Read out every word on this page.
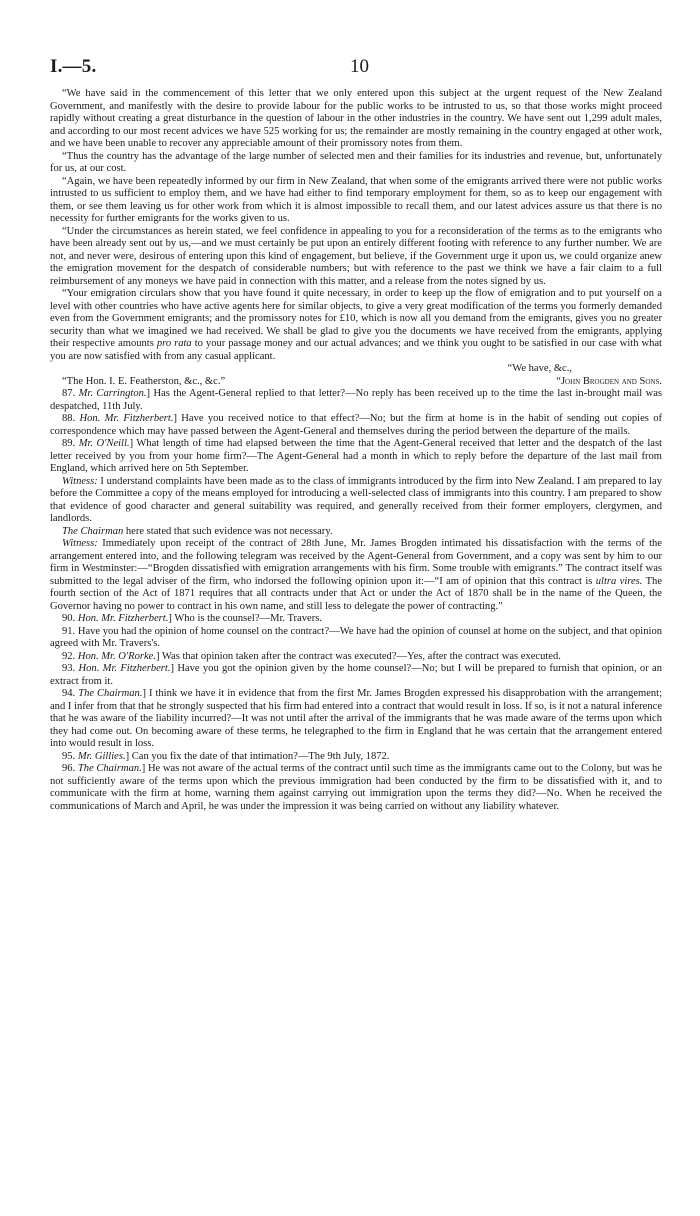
I.—5.	10

“We have said in the commencement of this letter that we only entered upon this subject at the urgent request of the New Zealand Government, and manifestly with the desire to provide labour for the public works to be intrusted to us, so that those works might proceed rapidly without creating a great disturbance in the question of labour in the other industries in the country. We have sent out 1,299 adult males, and according to our most recent advices we have 525 working for us; the remainder are mostly remaining in the country engaged at other work, and we have been unable to recover any appreciable amount of their promissory notes from them.

“Thus the country has the advantage of the large number of selected men and their families for its industries and revenue, but, unfortunately for us, at our cost.

“Again, we have been repeatedly informed by our firm in New Zealand, that when some of the emigrants arrived there were not public works intrusted to us sufficient to employ them, and we have had either to find temporary employment for them, so as to keep our engagement with them, or see them leaving us for other work from which it is almost impossible to recall them, and our latest advices assure us that there is no necessity for further emigrants for the works given to us.

“Under the circumstances as herein stated, we feel confidence in appealing to you for a reconsideration of the terms as to the emigrants who have been already sent out by us,—and we must certainly be put upon an entirely different footing with reference to any further number. We are not, and never were, desirous of entering upon this kind of engagement, but believe, if the Government urge it upon us, we could organize anew the emigration movement for the despatch of considerable numbers; but with reference to the past we think we have a fair claim to a full reimbursement of any moneys we have paid in connection with this matter, and a release from the notes signed by us.

“Your emigration circulars show that you have found it quite necessary, in order to keep up the flow of emigration and to put yourself on a level with other countries who have active agents here for similar objects, to give a very great modification of the terms you formerly demanded even from the Government emigrants; and the promissory notes for £10, which is now all you demand from the emigrants, gives you no greater security than what we imagined we had received. We shall be glad to give you the documents we have received from the emigrants, applying their respective amounts pro rata to your passage money and our actual advances; and we think you ought to be satisfied in our case with what you are now satisfied with from any casual applicant.

“We have, &c.,

“The Hon. I. E. Featherston, &c., &c.”	“John Brogden and Sons.

87. Mr. Carrington.] Has the Agent-General replied to that letter?—No reply has been received up to the time the last in-brought mail was despatched, 11th July.

88. Hon. Mr. Fitzherbert.] Have you received notice to that effect?—No; but the firm at home is in the habit of sending out copies of correspondence which may have passed between the Agent-General and themselves during the period between the departure of the mails.

89. Mr. O'Neill.] What length of time had elapsed between the time that the Agent-General received that letter and the despatch of the last letter received by you from your home firm?—The Agent-General had a month in which to reply before the departure of the last mail from England, which arrived here on 5th September.

Witness: I understand complaints have been made as to the class of immigrants introduced by the firm into New Zealand. I am prepared to lay before the Committee a copy of the means employed for introducing a well-selected class of immigrants into this country. I am prepared to show that evidence of good character and general suitability was required, and generally received from their former employers, clergymen, and landlords.

The Chairman here stated that such evidence was not necessary.

Witness: Immediately upon receipt of the contract of 28th June, Mr. James Brogden intimated his dissatisfaction with the terms of the arrangement entered into, and the following telegram was received by the Agent-General from Government, and a copy was sent by him to our firm in Westminster:—“Brogden dissatisfied with emigration arrangements with his firm. Some trouble with emigrants.” The contract itself was submitted to the legal adviser of the firm, who indorsed the following opinion upon it:—“I am of opinion that this contract is ultra vires. The fourth section of the Act of 1871 requires that all contracts under that Act or under the Act of 1870 shall be in the name of the Queen, the Governor having no power to contract in his own name, and still less to delegate the power of contracting.”

90. Hon. Mr. Fitzherbert.] Who is the counsel?—Mr. Travers.

91. Have you had the opinion of home counsel on the contract?—We have had the opinion of counsel at home on the subject, and that opinion agreed with Mr. Travers's.

92. Hon. Mr. O'Rorke.] Was that opinion taken after the contract was executed?—Yes, after the contract was executed.

93. Hon. Mr. Fitzherbert.] Have you got the opinion given by the home counsel?—No; but I will be prepared to furnish that opinion, or an extract from it.

94. The Chairman.] I think we have it in evidence that from the first Mr. James Brogden expressed his disapprobation with the arrangement; and I infer from that that he strongly suspected that his firm had entered into a contract that would result in loss. If so, is it not a natural inference that he was aware of the liability incurred?—It was not until after the arrival of the immigrants that he was made aware of the terms upon which they had come out. On becoming aware of these terms, he telegraphed to the firm in England that he was certain that the arrangement entered into would result in loss.

95. Mr. Gillies.] Can you fix the date of that intimation?—The 9th July, 1872.

96. The Chairman.] He was not aware of the actual terms of the contract until such time as the immigrants came out to the Colony, but was he not sufficiently aware of the terms upon which the previous immigration had been conducted by the firm to be dissatisfied with it, and to communicate with the firm at home, warning them against carrying out immigration upon the terms they did?—No. When he received the communications of March and April, he was under the impression it was being carried on without any liability whatever.
